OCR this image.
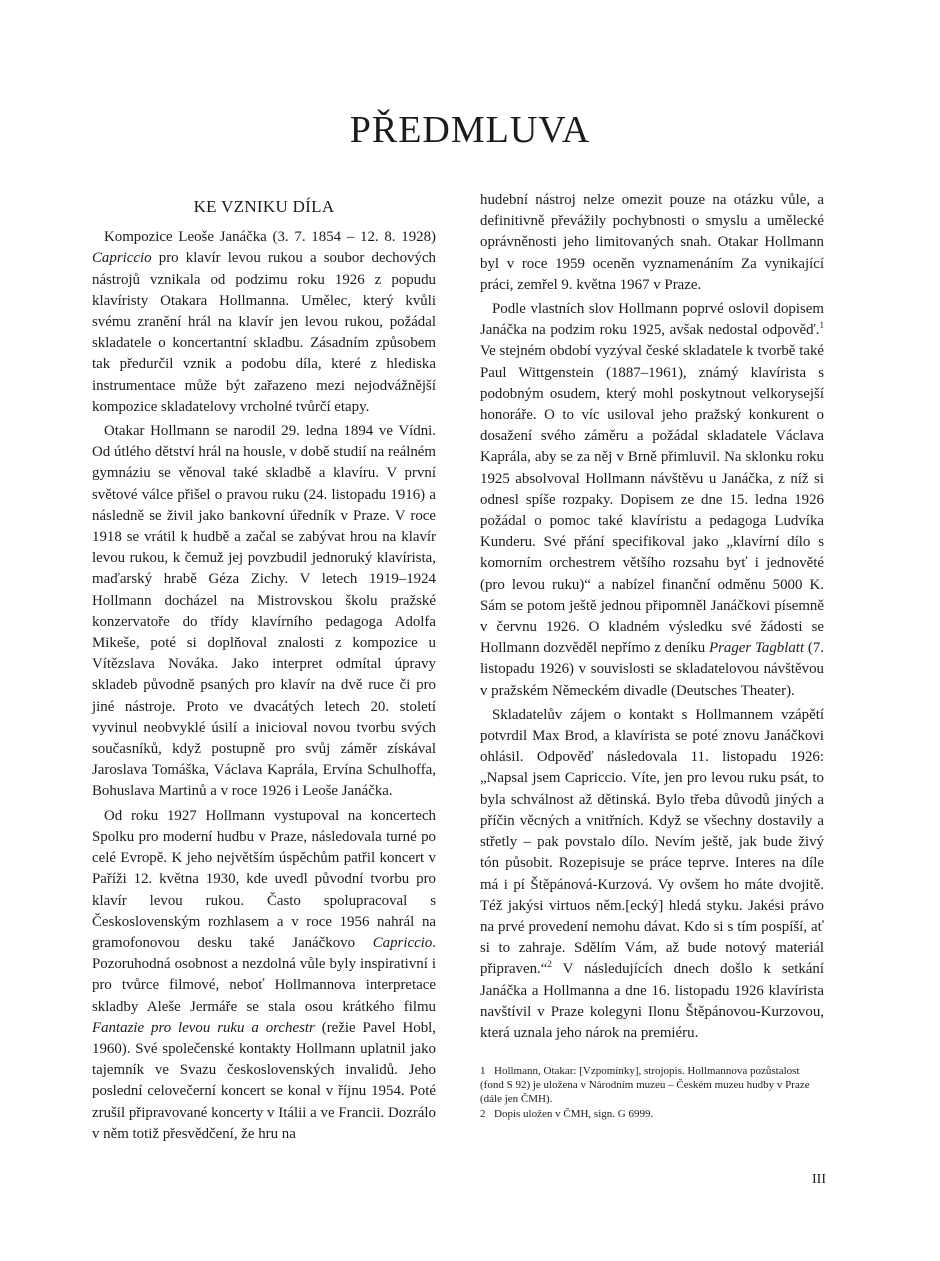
PŘEDMLUVA
KE VZNIKU DÍLA

Kompozice Leoše Janáčka (3. 7. 1854 – 12. 8. 1928) Capriccio pro klavír levou rukou a soubor dechových nástrojů vznikala od podzimu roku 1926 z popudu klavíristy Otakara Hollmanna. Umělec, který kvůli svému zranění hrál na klavír jen levou rukou, požádal skladatele o koncertantní skladbu. Zásadním způsobem tak předurčil vznik a podobu díla, které z hlediska instrumentace může být zařazeno mezi nejodvážnější kompozice skladatelovy vrcholné tvůrčí etapy.

Otakar Hollmann se narodil 29. ledna 1894 ve Vídni. Od útlého dětství hrál na housle, v době studií na reálném gymnáziu se věnoval také skladbě a klavíru. V první světové válce přišel o pravou ruku (24. listopadu 1916) a následně se živil jako bankovní úředník v Praze. V roce 1918 se vrátil k hudbě a začal se zabývat hrou na klavír levou rukou, k čemuž jej povzbudil jednoruký klavírista, maďarský hrabě Géza Zichy. V letech 1919–1924 Hollmann docházel na Mistrovskou školu pražské konzervatoře do třídy klavírního pedagoga Adolfa Mikeše, poté si doplňoval znalosti z kompozice u Vítězslava Nováka. Jako interpret odmítal úpravy skladeb původně psaných pro klavír na dvě ruce či pro jiné nástroje. Proto ve dvacátých letech 20. století vyvinul neobvyklé úsilí a inicioval novou tvorbu svých současníků, když postupně pro svůj záměr získával Jaroslava Tomáška, Václava Kaprála, Ervína Schulhoffa, Bohuslava Martinů a v roce 1926 i Leoše Janáčka.

Od roku 1927 Hollmann vystupoval na koncertech Spolku pro moderní hudbu v Praze, následovala turné po celé Evropě. K jeho největším úspěchům patřil koncert v Paříži 12. května 1930, kde uvedl původní tvorbu pro klavír levou rukou. Často spolupracoval s Československým rozhlasem a v roce 1956 nahrál na gramofonovou desku také Janáčkovo Capriccio. Pozoruhodná osobnost a nezdolná vůle byly inspirativní i pro tvůrce filmové, neboť Hollmannova interpretace skladby Aleše Jermáře se stala osou krátkého filmu Fantazie pro levou ruku a orchestr (režie Pavel Hobl, 1960). Své společenské kontakty Hollmann uplatnil jako tajemník ve Svazu československých invalidů. Jeho poslední celovečerní koncert se konal v říjnu 1954. Poté zrušil připravované koncerty v Itálii a ve Francii. Dozrálo v něm totiž přesvědčení, že hru na

hudební nástroj nelze omezit pouze na otázku vůle, a definitivně převážily pochybnosti o smyslu a umělecké oprávněnosti jeho limitovaných snah. Otakar Hollmann byl v roce 1959 oceněn vyznamenáním Za vynikající práci, zemřel 9. května 1967 v Praze.

Podle vlastních slov Hollmann poprvé oslovil dopisem Janáčka na podzim roku 1925, avšak nedostal odpověď.$^1$ Ve stejném období vyzýval české skladatele k tvorbě také Paul Wittgenstein (1887–1961), známý klavírista s podobným osudem, který mohl poskytnout velkorysejší honoráře. O to víc usiloval jeho pražský konkurent o dosažení svého záměru a požádal skladatele Václava Kaprála, aby se za něj v Brně přimluvil. Na sklonku roku 1925 absolvoval Hollmann návštěvu u Janáčka, z níž si odnesl spíše rozpaky. Dopisem ze dne 15. ledna 1926 požádal o pomoc také klavíristu a pedagoga Ludvíka Kunderu. Své přání specifikoval jako „klavírní dílo s komorním orchestrem většího rozsahu byť i jednověté (pro levou ruku)“ a nabízel finanční odměnu 5000 K. Sám se potom ještě jednou připomněl Janáčkovi písemně v červnu 1926. O kladném výsledku své žádosti se Hollmann dozvěděl nepřímo z deníku Prager Tagblatt (7. listopadu 1926) v souvislosti se skladatelovou návštěvou v pražském Německém divadle (Deutsches Theater).

Skladatelův zájem o kontakt s Hollmannem vzápětí potvrdil Max Brod, a klavírista se poté znovu Janáčkovi ohlásil. Odpověď následovala 11. listopadu 1926: „Napsal jsem Capriccio. Víte, jen pro levou ruku psát, to byla schválnost až dětinská. Bylo třeba důvodů jiných a příčin věcných a vnitřních. Když se všechny dostavily a střetly – pak povstalo dílo. Nevím ještě, jak bude živý tón působit. Rozepisuje se práce teprve. Interes na díle má i pí Štěpánová-Kurzová. Vy ovšem ho máte dvojitě. Též jakýsi virtuos něm.[ecký] hledá styku. Jakési právo na prvé provedení nemohu dávat. Kdo si s tím pospíší, ať si to zahraje. Sdělím Vám, až bude notový materiál připraven.“$^2$ V následujících dnech došlo k setkání Janáčka a Hollmanna a dne 16. listopadu 1926 klavírista navštívil v Praze kolegyni Ilonu Štěpánovou-Kurzovou, která uznala jeho nárok na premiéru.

1 Hollmann, Otakar: [Vzpomínky], strojopis. Hollmannova pozůstalost (fond S 92) je uložena v Národním muzeu – Českém muzeu hudby v Praze (dále jen ČMH).

2 Dopis uložen v ČMH, sign. G 6999.

III
